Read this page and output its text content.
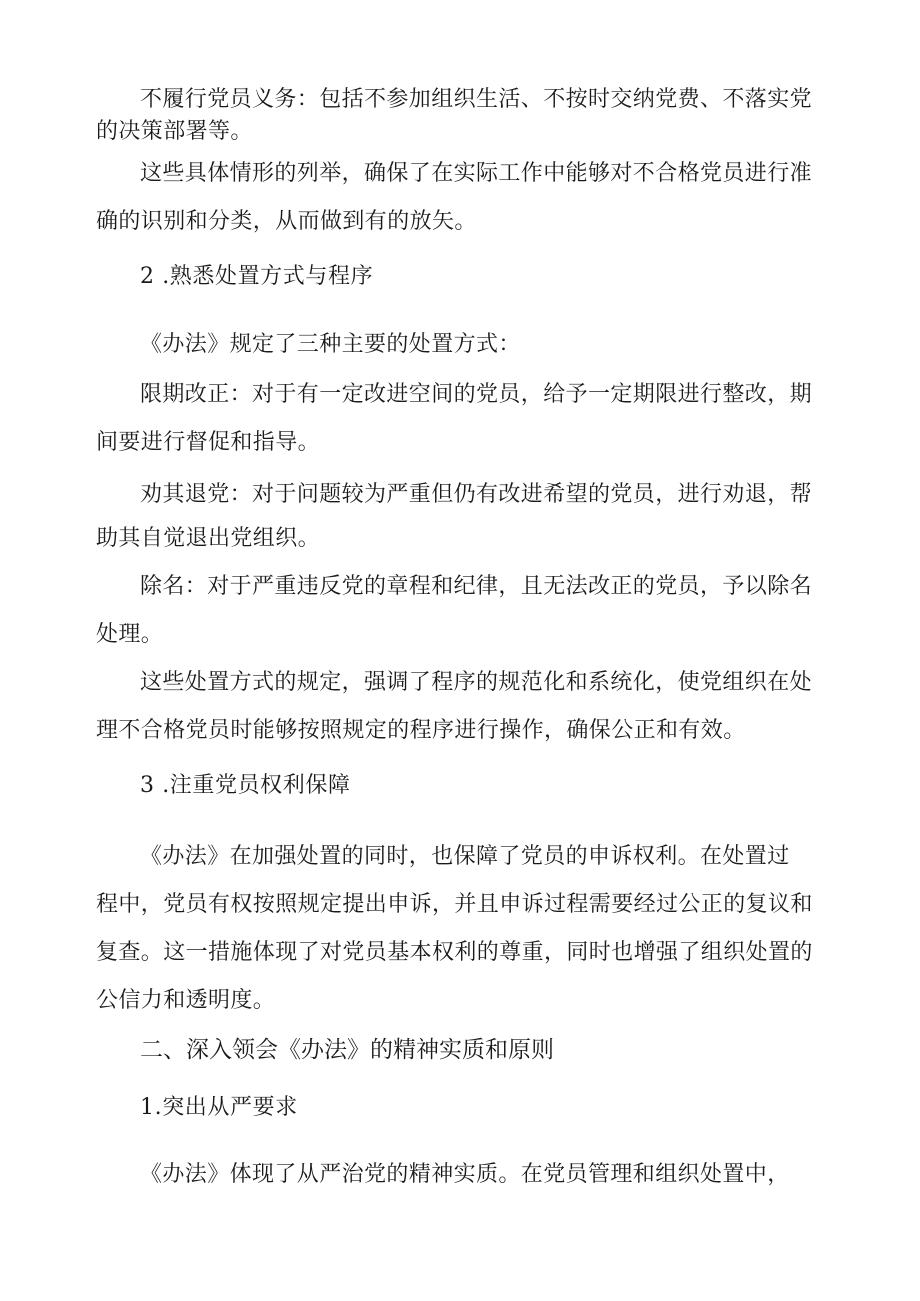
不履行党员义务：包括不参加组织生活、不按时交纳党费、不落实党
的决策部署等。
这些具体情形的列举，确保了在实际工作中能够对不合格党员进行准
确的识别和分类，从而做到有的放矢。
2 .熟悉处置方式与程序
《办法》规定了三种主要的处置方式：
限期改正：对于有一定改进空间的党员，给予一定期限进行整改，期
间要进行督促和指导。
劝其退党：对于问题较为严重但仍有改进希望的党员，进行劝退，帮
助其自觉退出党组织。
除名：对于严重违反党的章程和纪律，且无法改正的党员，予以除名
处理。
这些处置方式的规定，强调了程序的规范化和系统化，使党组织在处
理不合格党员时能够按照规定的程序进行操作，确保公正和有效。
3 .注重党员权利保障
《办法》在加强处置的同时，也保障了党员的申诉权利。在处置过
程中，党员有权按照规定提出申诉，并且申诉过程需要经过公正的复议和
复查。这一措施体现了对党员基本权利的尊重，同时也增强了组织处置的
公信力和透明度。
二、深入领会《办法》的精神实质和原则
1.突出从严要求
《办法》体现了从严治党的精神实质。在党员管理和组织处置中，
